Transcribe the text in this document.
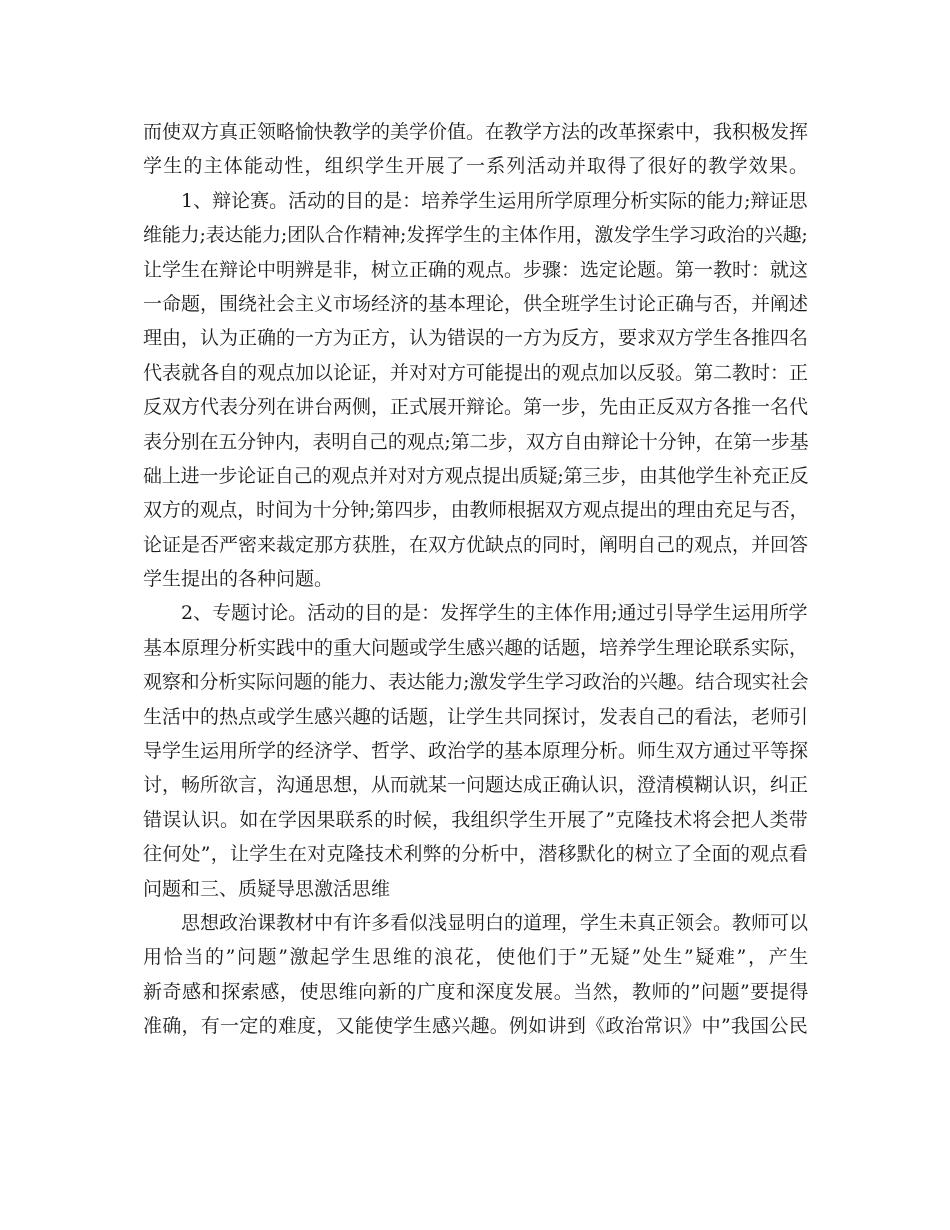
而使双方真正领略愉快教学的美学价值。在教学方法的改革探索中，我积极发挥
学生的主体能动性，组织学生开展了一系列活动并取得了很好的教学效果。
1、辩论赛。活动的目的是：培养学生运用所学原理分析实际的能力;辩证思
维能力;表达能力;团队合作精神;发挥学生的主体作用，激发学生学习政治的兴趣;
让学生在辩论中明辨是非，树立正确的观点。步骤：选定论题。第一教时：就这
一命题，围绕社会主义市场经济的基本理论，供全班学生讨论正确与否，并阐述
理由，认为正确的一方为正方，认为错误的一方为反方，要求双方学生各推四名
代表就各自的观点加以论证，并对对方可能提出的观点加以反驳。第二教时：正
反双方代表分列在讲台两侧，正式展开辩论。第一步，先由正反双方各推一名代
表分别在五分钟内，表明自己的观点;第二步，双方自由辩论十分钟，在第一步基
础上进一步论证自己的观点并对对方观点提出质疑;第三步，由其他学生补充正反
双方的观点，时间为十分钟;第四步，由教师根据双方观点提出的理由充足与否，
论证是否严密来裁定那方获胜，在双方优缺点的同时，阐明自己的观点，并回答
学生提出的各种问题。
2、专题讨论。活动的目的是：发挥学生的主体作用;通过引导学生运用所学
基本原理分析实践中的重大问题或学生感兴趣的话题，培养学生理论联系实际，
观察和分析实际问题的能力、表达能力;激发学生学习政治的兴趣。结合现实社会
生活中的热点或学生感兴趣的话题，让学生共同探讨，发表自己的看法，老师引
导学生运用所学的经济学、哲学、政治学的基本原理分析。师生双方通过平等探
讨，畅所欲言，沟通思想，从而就某一问题达成正确认识，澄清模糊认识，纠正
错误认识。如在学因果联系的时候，我组织学生开展了”克隆技术将会把人类带
往何处”，让学生在对克隆技术利弊的分析中，潜移默化的树立了全面的观点看
问题和三、质疑导思激活思维
思想政治课教材中有许多看似浅显明白的道理，学生未真正领会。教师可以
用恰当的”问题”激起学生思维的浪花，使他们于”无疑”处生”疑难”，产生
新奇感和探索感，使思维向新的广度和深度发展。当然，教师的”问题”要提得
准确，有一定的难度，又能使学生感兴趣。例如讲到《政治常识》中”我国公民
